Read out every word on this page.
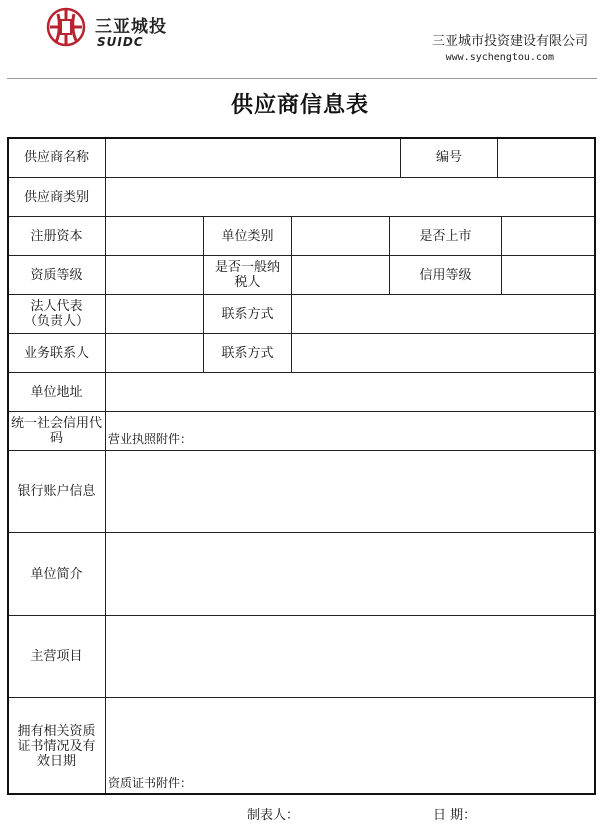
三亚城投
SUIDC	三亚城市投资建设有限公司
www.sychengtou.com
供应商信息表
供应商名称	编号
供应商类别
注册资本	单位类别	是否上市
资质等级	是否一般纳税人	信用等级
法人代表（负责人）	联系方式
业务联系人	联系方式
单位地址
统一社会信用代码	营业执照附件：
银行账户信息
单位简介
主营项目
拥有相关资质证书情况及有效日期
资质证书附件：
制表人：	日 期：
